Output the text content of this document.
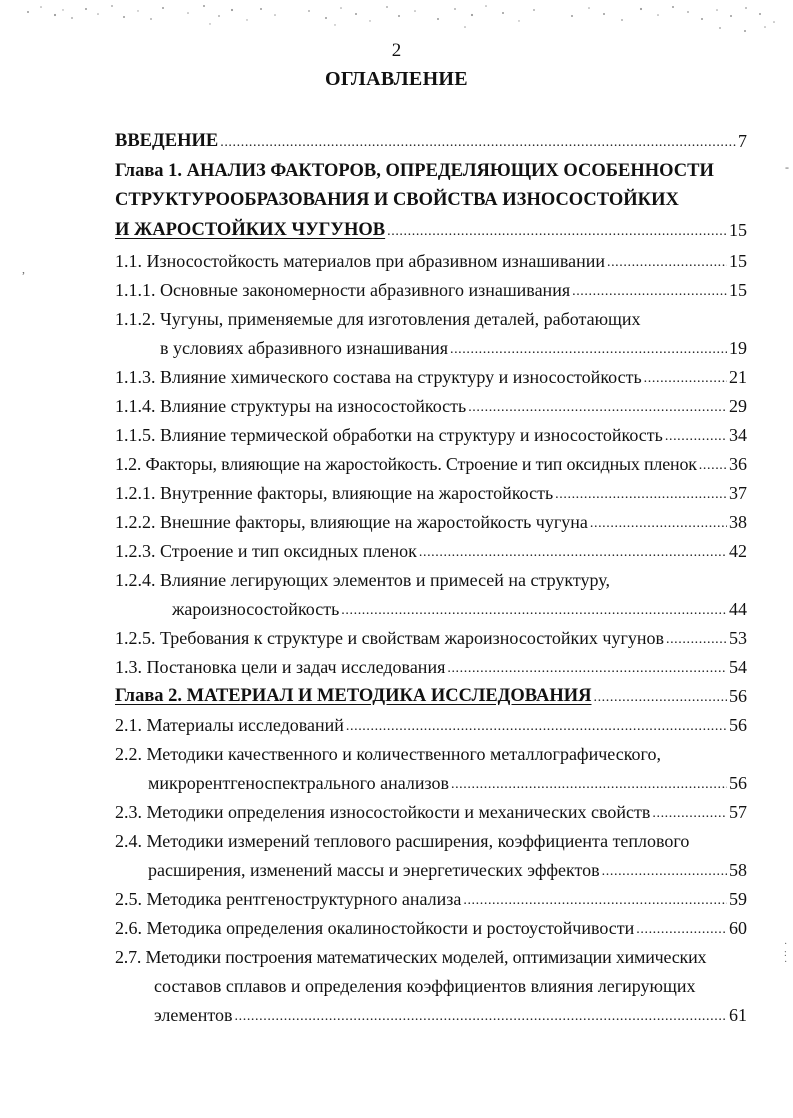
2
ОГЛАВЛЕНИЕ
ВВЕДЕНИЕ .....	7
Глава 1. АНАЛИЗ ФАКТОРОВ, ОПРЕДЕЛЯЮЩИХ ОСОБЕННОСТИ
СТРУКТУРООБРАЗОВАНИЯ И СВОЙСТВА ИЗНОСОСТОЙКИХ
И ЖАРОСТОЙКИХ ЧУГУНОВ .....	15
1.1. Износостойкость материалов при абразивном изнашивании .....	15
1.1.1. Основные закономерности абразивного изнашивания .....	15
1.1.2. Чугуны, применяемые для изготовления деталей, работающих
в условиях абразивного изнашивания .....	19
1.1.3. Влияние химического состава на структуру и износостойкость .....	21
1.1.4. Влияние структуры на износостойкость .....	29
1.1.5. Влияние термической обработки на структуру и износостойкость .....	34
1.2. Факторы, влияющие на жаростойкость. Строение и тип оксидных пленок ..... 36
1.2.1. Внутренние факторы, влияющие на жаростойкость .....	37
1.2.2. Внешние факторы, влияющие на жаростойкость чугуна .....	38
1.2.3. Строение и тип оксидных пленок .....	42
1.2.4. Влияние легирующих элементов и примесей на структуру,
жароизносостойкость .....	44
1.2.5. Требования к структуре и свойствам жароизносостойких чугунов .....	53
1.3. Постановка цели и задач исследования .....	54
Глава 2. МАТЕРИАЛ И МЕТОДИКА ИССЛЕДОВАНИЯ .....	56
2.1. Материалы исследований .....	56
2.2. Методики качественного и количественного металлографического,
микрорентгеноспектрального анализов .....	56
2.3. Методики определения износостойкости и механических свойств .....	57
2.4. Методики измерений теплового расширения, коэффициента теплового
расширения, изменений массы и энергетических эффектов .....	58
2.5. Методика рентгеноструктурного анализа .....	59
2.6. Методика определения окалиностойкости и ростоустойчивости .....	60
2.7. Методики построения математических моделей, оптимизации химических
составов сплавов и определения коэффициентов влияния легирующих
элементов .....	61
-
,
·
:
·
